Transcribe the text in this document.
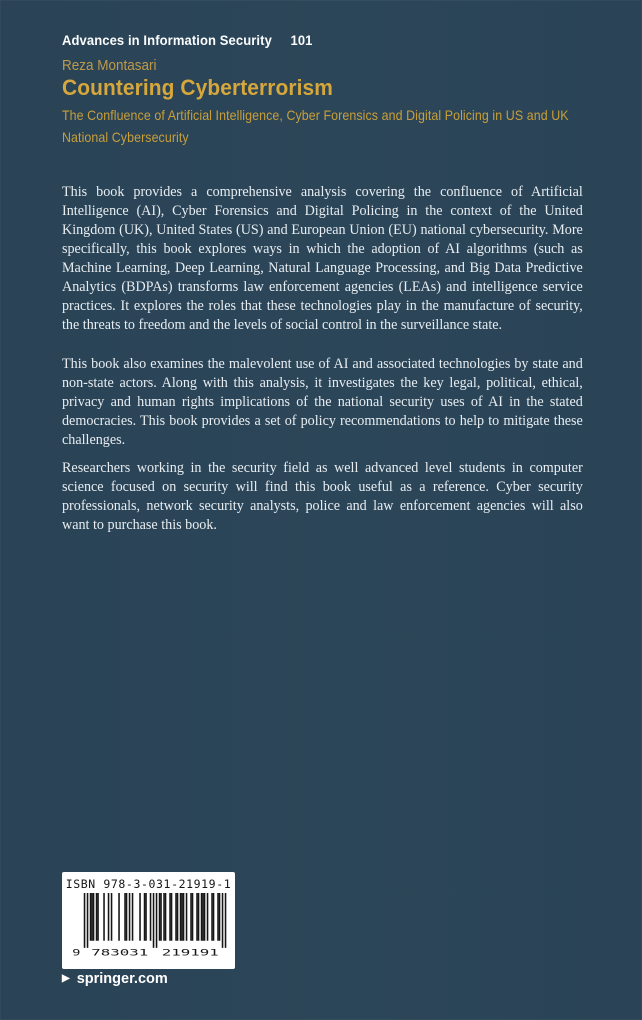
Advances in Information Security 101
Reza Montasari
Countering Cyberterrorism
The Confluence of Artificial Intelligence, Cyber Forensics and Digital Policing in US and UK National Cybersecurity

This book provides a comprehensive analysis covering the confluence of Artificial Intelligence (AI), Cyber Forensics and Digital Policing in the context of the United Kingdom (UK), United States (US) and European Union (EU) national cybersecurity. More specifically, this book explores ways in which the adoption of AI algorithms (such as Machine Learning, Deep Learning, Natural Language Processing, and Big Data Predictive Analytics (BDPAs) transforms law enforcement agencies (LEAs) and intelligence service practices. It explores the roles that these technologies play in the manufacture of security, the threats to freedom and the levels of social control in the surveillance state.

This book also examines the malevolent use of AI and associated technologies by state and non-state actors. Along with this analysis, it investigates the key legal, political, ethical, privacy and human rights implications of the national security uses of AI in the stated democracies. This book provides a set of policy recommendations to help to mitigate these challenges.

Researchers working in the security field as well advanced level students in computer science focused on security will find this book useful as a reference. Cyber security professionals, network security analysts, police and law enforcement agencies will also want to purchase this book.

ISBN 978-3-031-21919-1
9 783031 219191
▶ springer.com
